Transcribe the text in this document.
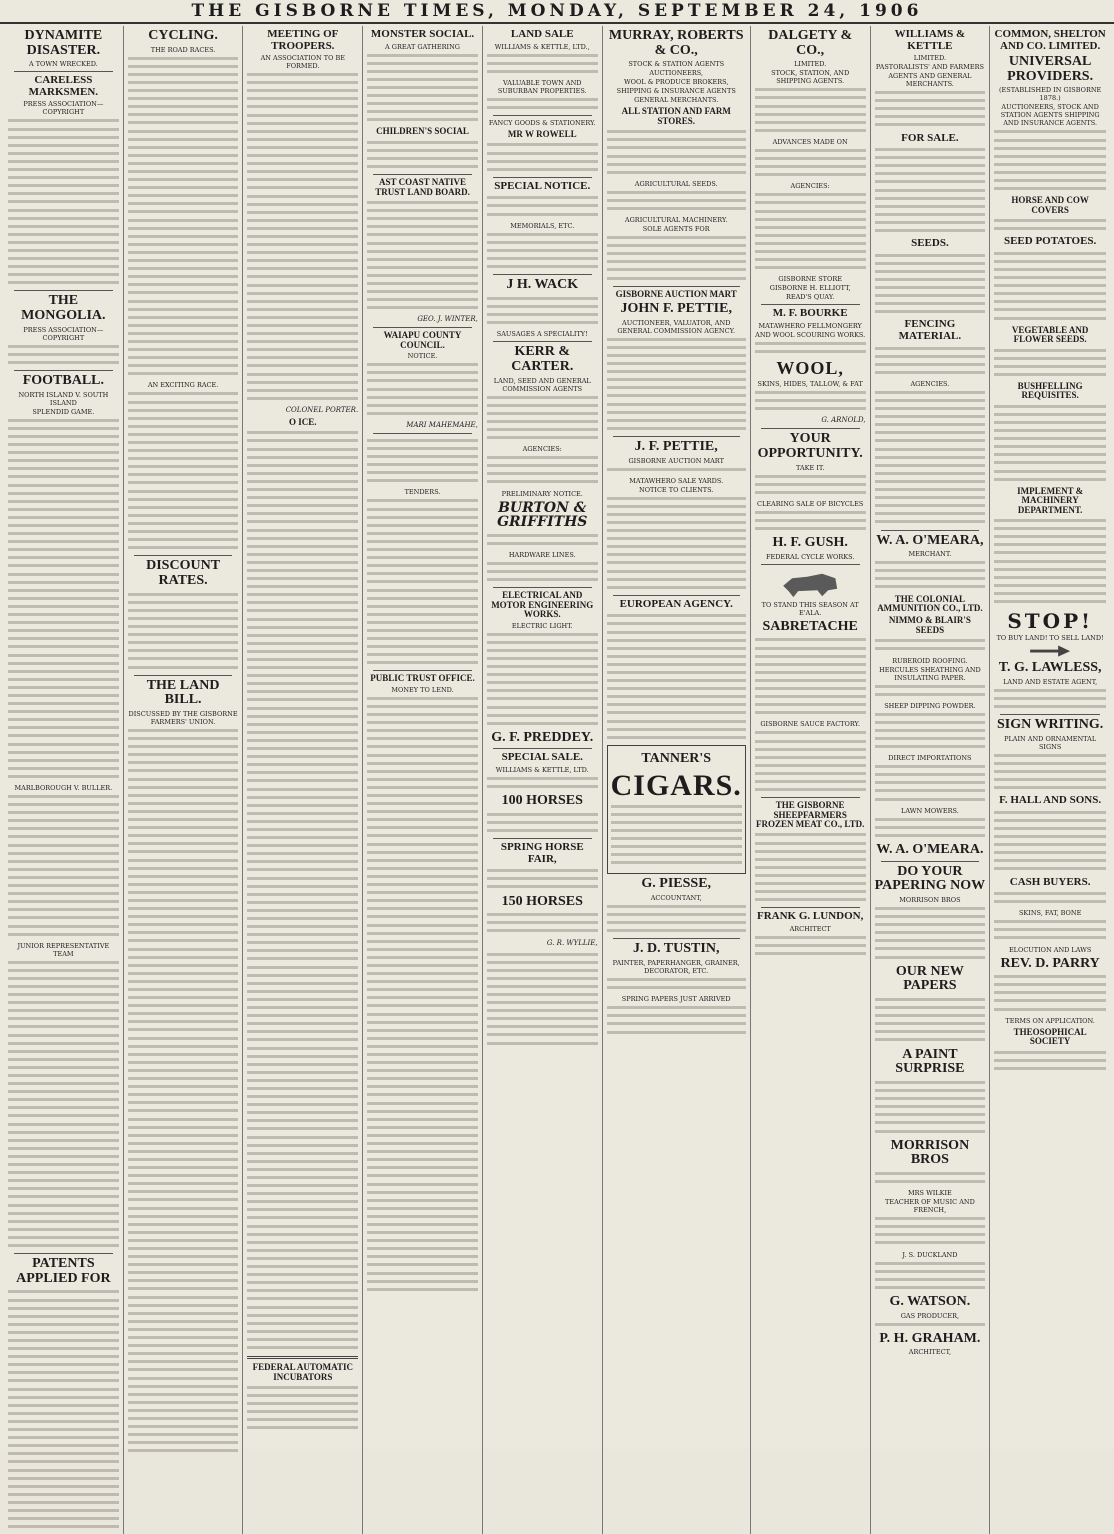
THE GISBORNE TIMES, MONDAY, SEPTEMBER 24, 1906
DYNAMITE DISASTER.
A TOWN WRECKED.
CARELESS MARKSMEN.
PRESS ASSOCIATION—COPYRIGHT
THE MONGOLIA.
PRESS ASSOCIATION—COPYRIGHT
FOOTBALL.
NORTH ISLAND V. SOUTH ISLAND
SPLENDID GAME.
MARLBOROUGH V. BULLER.
JUNIOR REPRESENTATIVE TEAM
PATENTS APPLIED FOR
CYCLING.
THE ROAD RACES.
AN EXCITING RACE.
DISCOUNT RATES.
THE LAND BILL.
DISCUSSED BY THE GISBORNE FARMERS' UNION.
MEETING OF TROOPERS.
AN ASSOCIATION TO BE FORMED.
COLONEL PORTER.
O ICE.
FEDERAL AUTOMATIC INCUBATORS
MONSTER SOCIAL.
A GREAT GATHERING
CHILDREN'S SOCIAL
AST COAST NATIVE TRUST LAND BOARD.
GEO. J. WINTER,
WAIAPU COUNTY COUNCIL.
NOTICE.
MARI MAHEMAHE,
TENDERS.
PUBLIC TRUST OFFICE.
MONEY TO LEND.
LAND SALE
WILLIAMS & KETTLE, LTD.,
VALUABLE TOWN AND SUBURBAN PROPERTIES.
FANCY GOODS & STATIONERY.
MR W ROWELL
SPECIAL NOTICE.
MEMORIALS, ETC.
J H. WACK
SAUSAGES A SPECIALITY!
KERR & CARTER.
LAND, SEED AND GENERAL COMMISSION AGENTS
AGENCIES:
PRELIMINARY NOTICE.
BURTON & GRIFFITHS
HARDWARE LINES.
ELECTRICAL AND MOTOR ENGINEERING WORKS.
ELECTRIC LIGHT.
G. F. PREDDEY.
SPECIAL SALE.
WILLIAMS & KETTLE, LTD.
100 HORSES
SPRING HORSE FAIR,
150 HORSES
G. R. WYLLIE,
MURRAY, ROBERTS & CO.,
STOCK & STATION AGENTS
AUCTIONEERS,
WOOL & PRODUCE BROKERS,
SHIPPING & INSURANCE AGENTS
GENERAL MERCHANTS.
ALL STATION AND FARM STORES.
AGRICULTURAL SEEDS.
AGRICULTURAL MACHINERY.
SOLE AGENTS FOR
GISBORNE AUCTION MART
JOHN F. PETTIE,
AUCTIONEER, VALUATOR, AND GENERAL COMMISSION AGENCY.
J. F. PETTIE,
GISBORNE AUCTION MART
MATAWHERO SALE YARDS.
NOTICE TO CLIENTS.
EUROPEAN AGENCY.
TANNER'S
CIGARS.
G. PIESSE,
ACCOUNTANT,
J. D. TUSTIN,
PAINTER, PAPERHANGER, GRAINER, DECORATOR, ETC.
SPRING PAPERS JUST ARRIVED
DALGETY & CO.,
LIMITED.
STOCK, STATION, AND SHIPPING AGENTS.
ADVANCES MADE ON
AGENCIES:
GISBORNE STORE
GISBORNE H. ELLIOTT,
READ'S QUAY.
M. F. BOURKE
MATAWHERO FELLMONGERY
AND WOOL SCOURING WORKS.
WOOL,
SKINS, HIDES, TALLOW, & FAT
G. ARNOLD,
YOUR OPPORTUNITY.
TAKE IT.
CLEARING SALE OF BICYCLES
H. F. GUSH.
FEDERAL CYCLE WORKS.
TO STAND THIS SEASON AT E'ALA.
SABRETACHE
GISBORNE SAUCE FACTORY.
THE GISBORNE SHEEPFARMERS FROZEN MEAT CO., LTD.
FRANK G. LUNDON,
ARCHITECT
WILLIAMS & KETTLE
LIMITED.
PASTORALISTS' AND FARMERS
AGENTS AND GENERAL MERCHANTS.
FOR SALE.
SEEDS.
FENCING MATERIAL.
AGENCIES.
W. A. O'MEARA,
MERCHANT.
THE COLONIAL AMMUNITION CO., LTD.
NIMMO & BLAIR'S SEEDS
RUBEROID ROOFING.
HERCULES SHEATHING AND INSULATING PAPER.
SHEEP DIPPING POWDER.
DIRECT IMPORTATIONS
LAWN MOWERS.
W. A. O'MEARA.
DO YOUR PAPERING NOW
MORRISON BROS
OUR NEW PAPERS
A PAINT SURPRISE
MORRISON BROS
MRS WILKIE
TEACHER OF MUSIC AND FRENCH,
J. S. DUCKLAND
G. WATSON.
GAS PRODUCER,
P. H. GRAHAM.
ARCHITECT,
COMMON, SHELTON AND CO. LIMITED.
UNIVERSAL PROVIDERS.
(ESTABLISHED IN GISBORNE 1878.)
AUCTIONEERS, STOCK AND STATION AGENTS SHIPPING AND INSURANCE AGENTS.
HORSE AND COW COVERS
SEED POTATOES.
VEGETABLE AND FLOWER SEEDS.
BUSHFELLING REQUISITES.
IMPLEMENT & MACHINERY DEPARTMENT.
STOP!
TO BUY LAND! TO SELL LAND!
T. G. LAWLESS,
LAND AND ESTATE AGENT,
SIGN WRITING.
PLAIN AND ORNAMENTAL SIGNS
F. HALL AND SONS.
CASH BUYERS.
SKINS, FAT, BONE
ELOCUTION AND LAWS
REV. D. PARRY
TERMS ON APPLICATION.
THEOSOPHICAL SOCIETY
